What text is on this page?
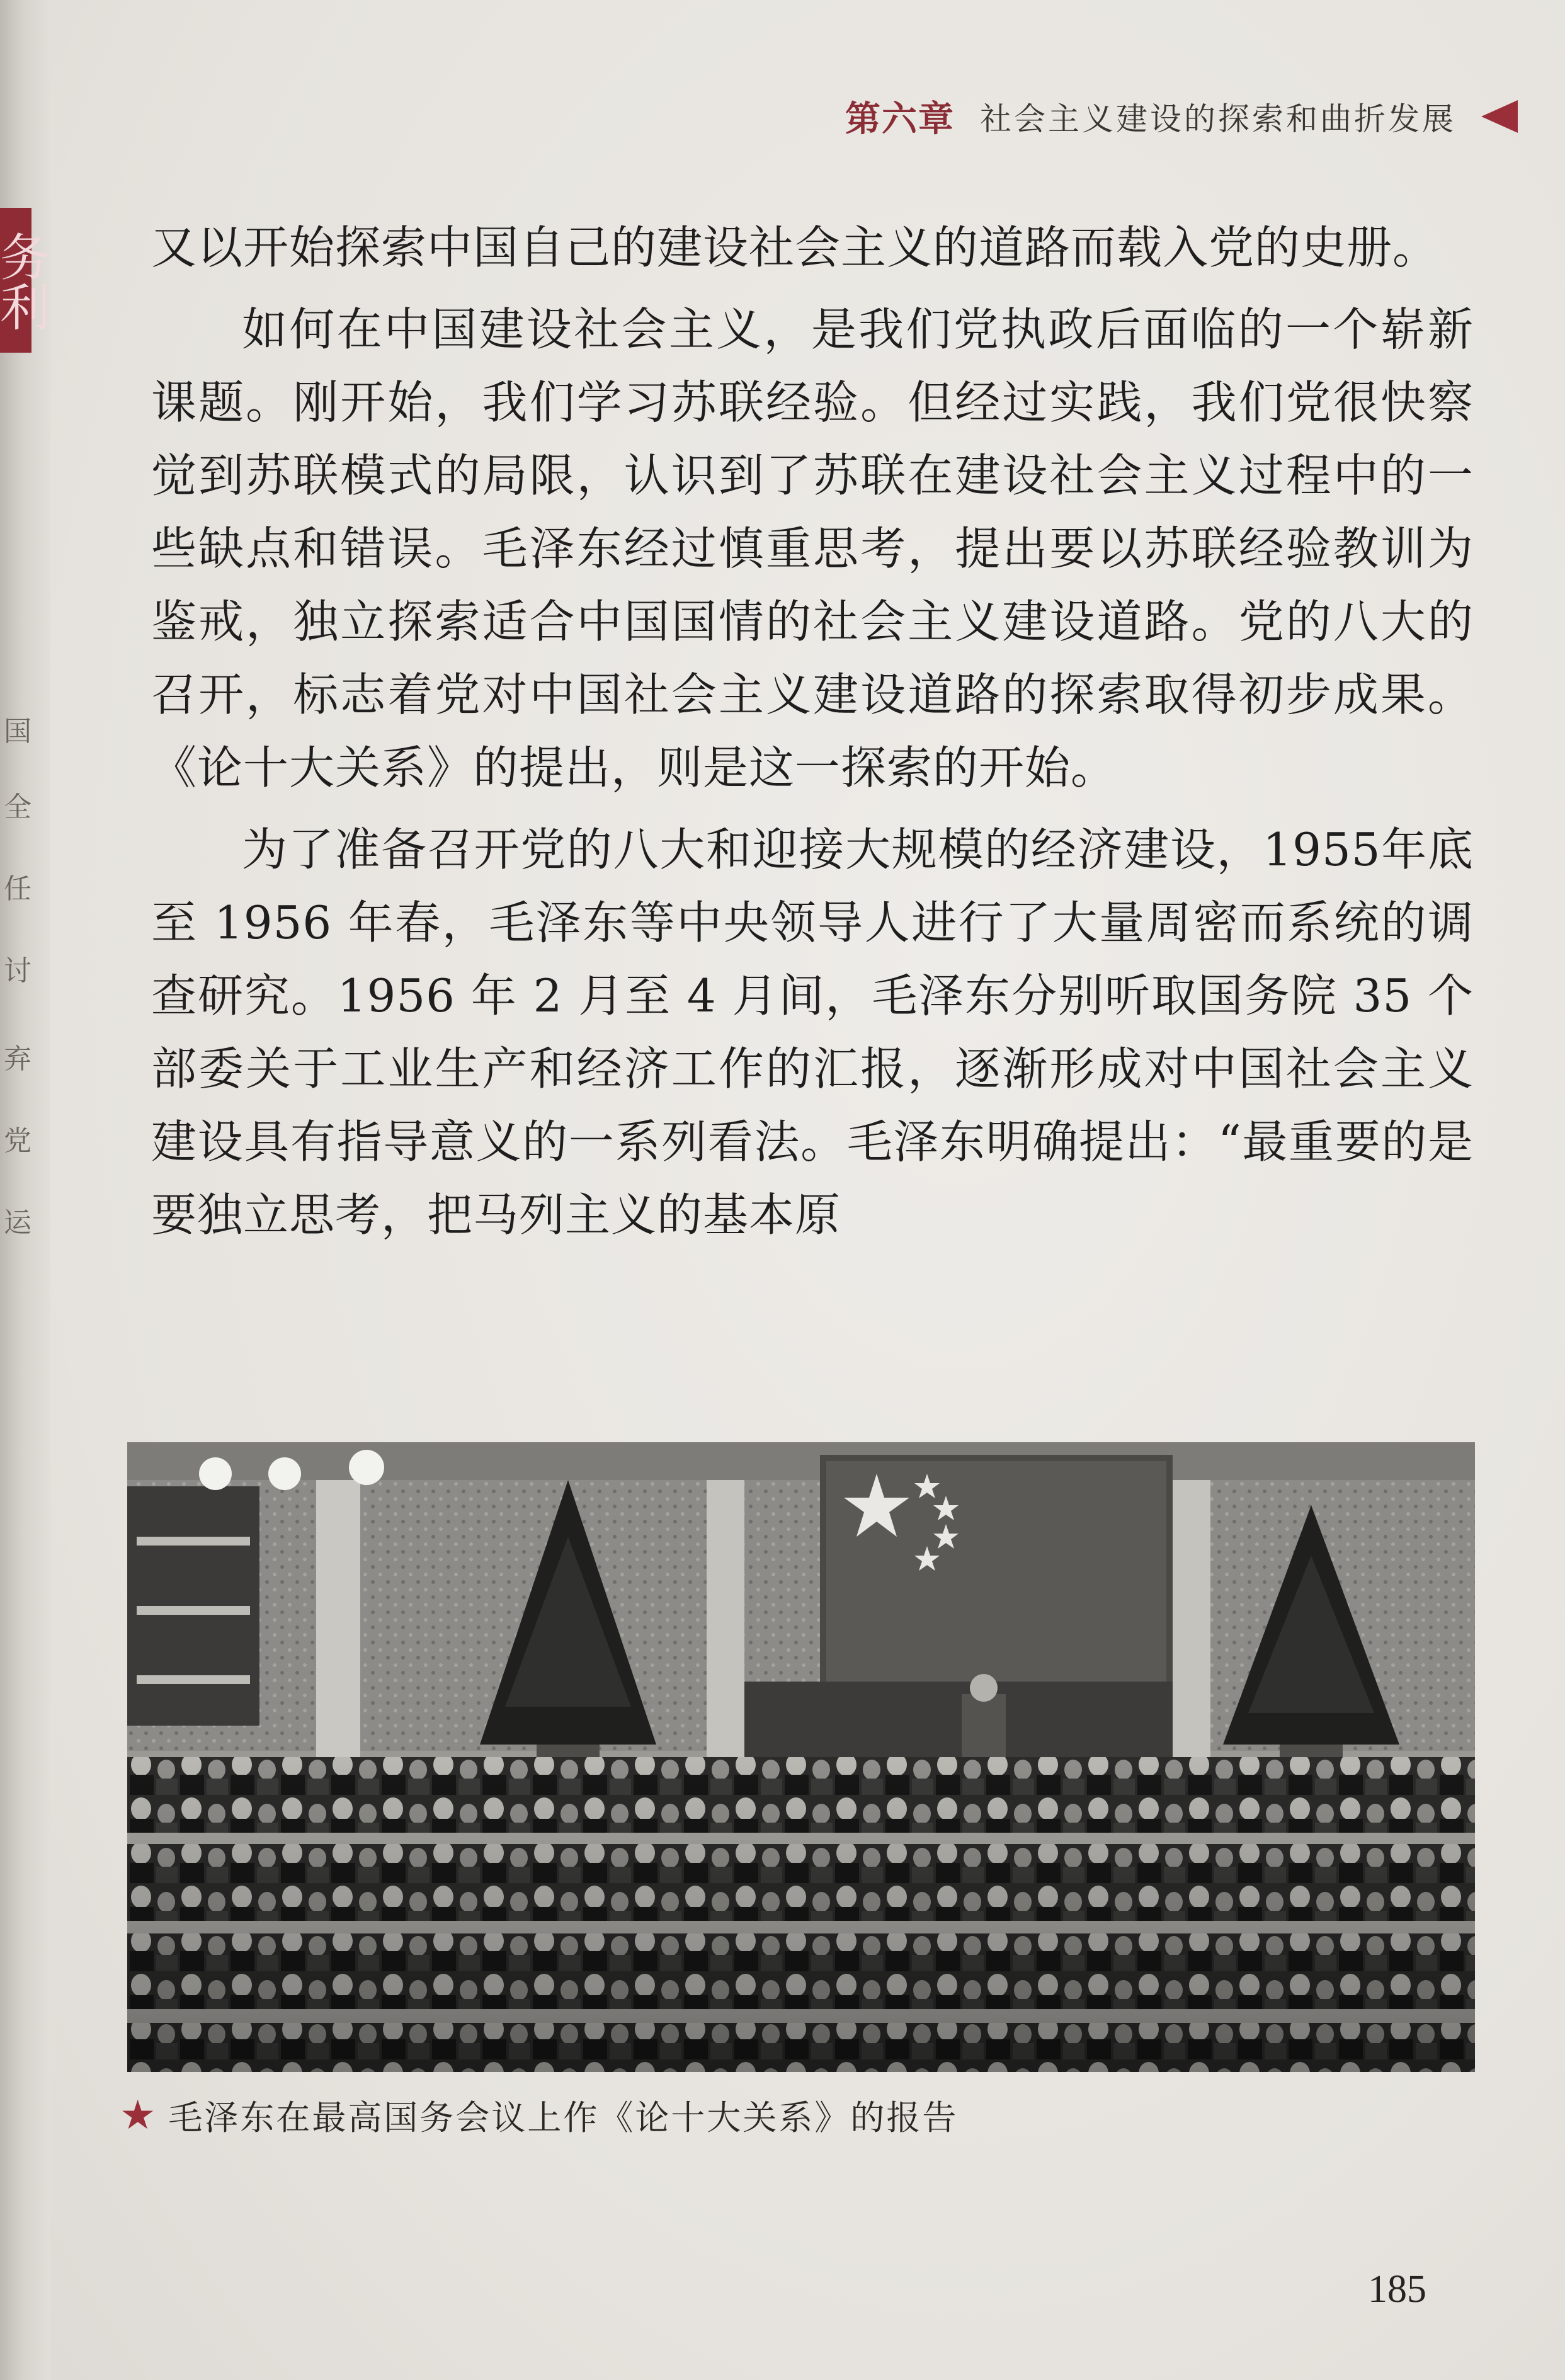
务利
国
全
任
讨
弃
党
运
第六章 社会主义建设的探索和曲折发展

又以开始探索中国自己的建设社会主义的道路而载入党的史册。

如何在中国建设社会主义，是我们党执政后面临的一个崭新课题。刚开始，我们学习苏联经验。但经过实践，我们党很快察觉到苏联模式的局限，认识到了苏联在建设社会主义过程中的一些缺点和错误。毛泽东经过慎重思考，提出要以苏联经验教训为鉴戒，独立探索适合中国国情的社会主义建设道路。党的八大的召开，标志着党对中国社会主义建设道路的探索取得初步成果。《论十大关系》的提出，则是这一探索的开始。

为了准备召开党的八大和迎接大规模的经济建设，1955年底至 1956 年春，毛泽东等中央领导人进行了大量周密而系统的调查研究。1956 年 2 月至 4 月间，毛泽东分别听取国务院 35 个部委关于工业生产和经济工作的汇报，逐渐形成对中国社会主义建设具有指导意义的一系列看法。毛泽东明确提出：“最重要的是要独立思考，把马列主义的基本原

★ 毛泽东在最高国务会议上作《论十大关系》的报告
185
